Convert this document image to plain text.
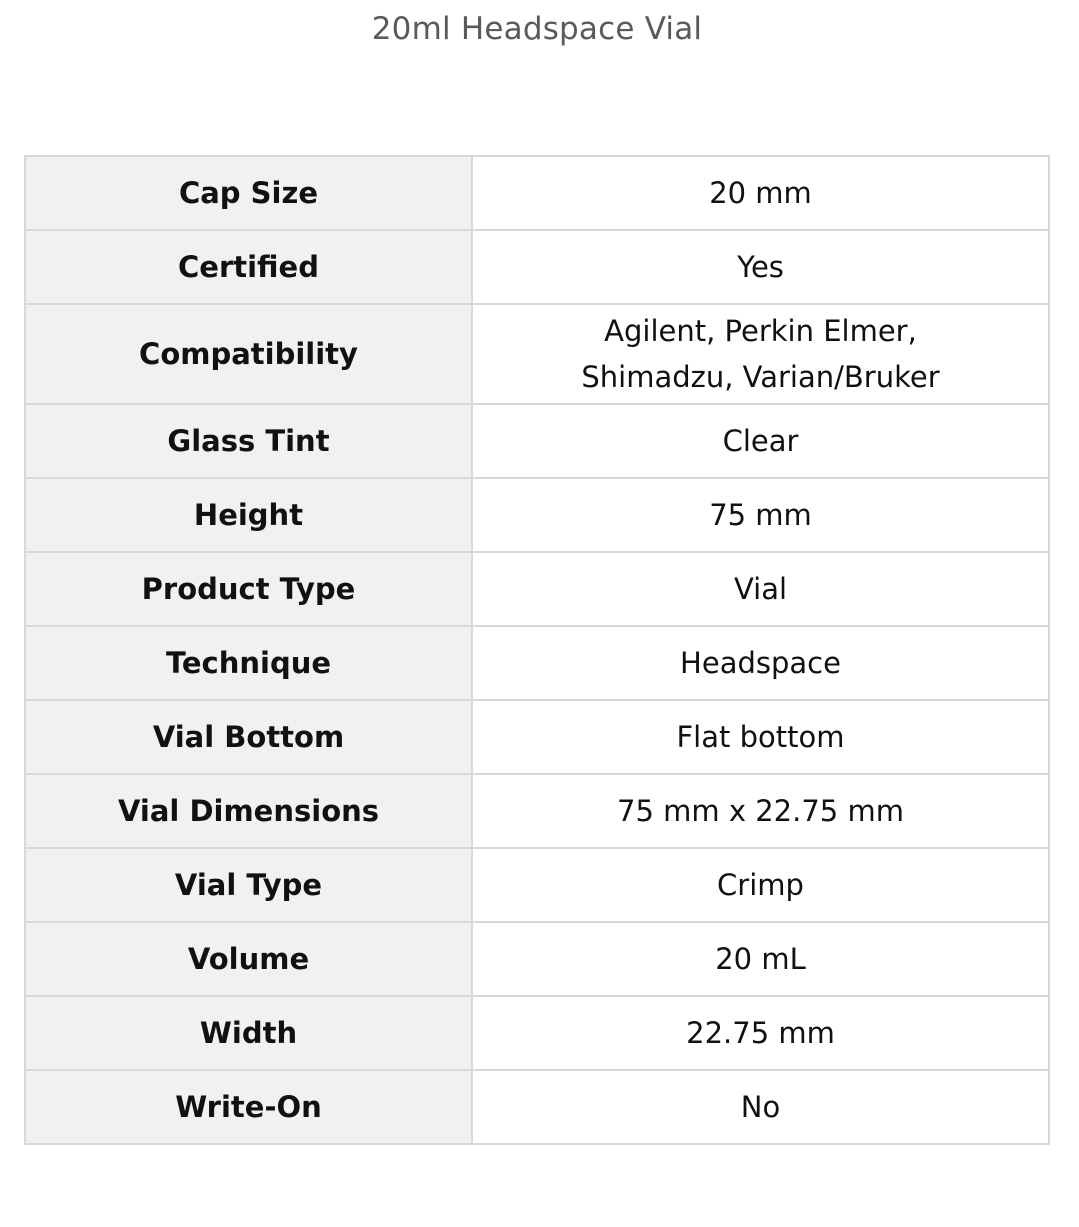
20ml Headspace Vial
Cap Size	20 mm
Certified	Yes
Compatibility	Agilent, Perkin Elmer,
Shimadzu, Varian/Bruker

Glass Tint	Clear
Height	75 mm
Product Type	Vial
Technique	Headspace
Vial Bottom	Flat bottom
Vial Dimensions	75 mm x 22.75 mm
Vial Type	Crimp
Volume	20 mL
Width	22.75 mm
Write-On	No
